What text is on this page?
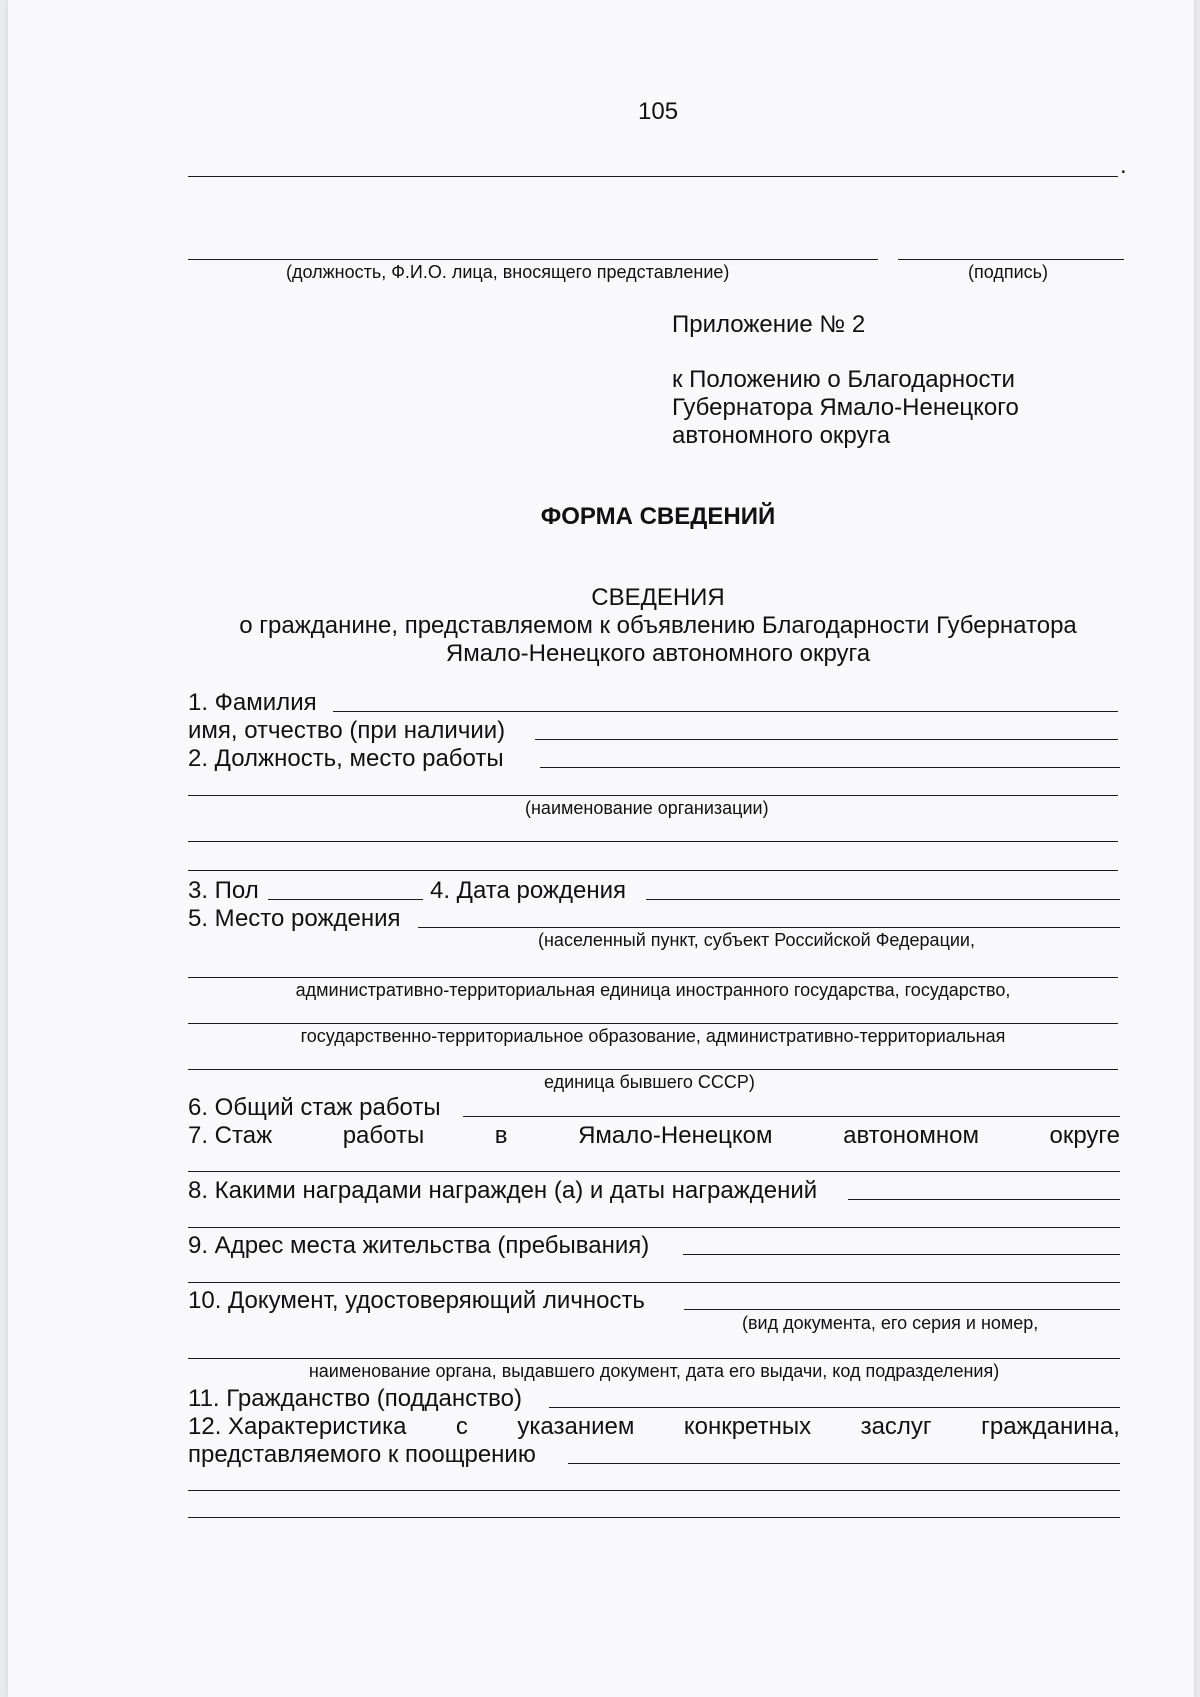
105
.
(должность, Ф.И.О. лица, вносящего представление)	(подпись)
Приложение № 2
к Положению о Благодарности
Губернатора Ямало-Ненецкого
автономного округа
ФОРМА СВЕДЕНИЙ
СВЕДЕНИЯ
о гражданине, представляемом к объявлению Благодарности Губернатора
Ямало-Ненецкого автономного округа
1. Фамилия
имя, отчество (при наличии)
2. Должность, место работы
(наименование организации)
3. Пол	4. Дата рождения
5. Место рождения
(населенный пункт, субъект Российской Федерации,
административно-территориальная единица иностранного государства, государство,
государственно-территориальное образование, административно-территориальная
единица бывшего СССР)
6. Общий стаж работы
7. Стаж	работы	в	Ямало-Ненецком	автономном	округе
8. Какими наградами награжден (а) и даты награждений
9. Адрес места жительства (пребывания)
10. Документ, удостоверяющий личность
(вид документа, его серия и номер,
наименование органа, выдавшего документ, дата его выдачи, код подразделения)
11. Гражданство (подданство)
12. Характеристика с указанием конкретных заслуг гражданина,
представляемого к поощрению
